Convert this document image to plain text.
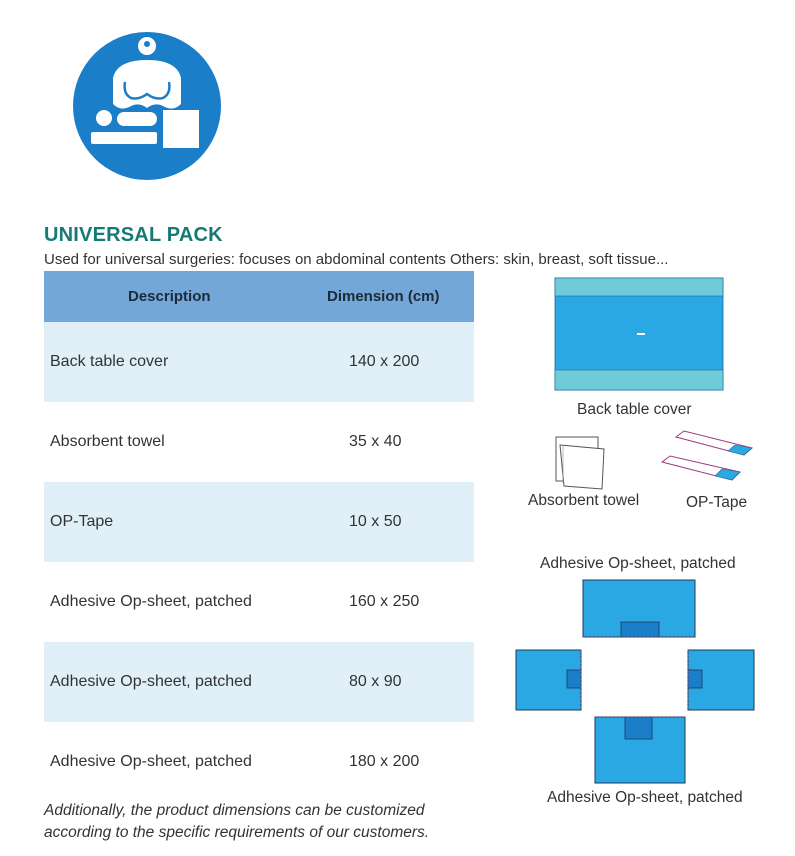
UNIVERSAL PACK
Used for universal surgeries: focuses on abdominal contents Others: skin, breast, soft tissue...
Description	Dimension (cm)
Back table cover	140 x 200
Absorbent towel	35 x 40
OP-Tape	10 x 50
Adhesive Op-sheet, patched	160 x 250
Adhesive Op-sheet, patched	80 x 90
Adhesive Op-sheet, patched	180 x 200
Additionally, the product dimensions can be customized
according to the specific requirements of our customers.
Back table cover
Absorbent towel	OP-Tape
Adhesive Op-sheet, patched
Adhesive Op-sheet, patched
